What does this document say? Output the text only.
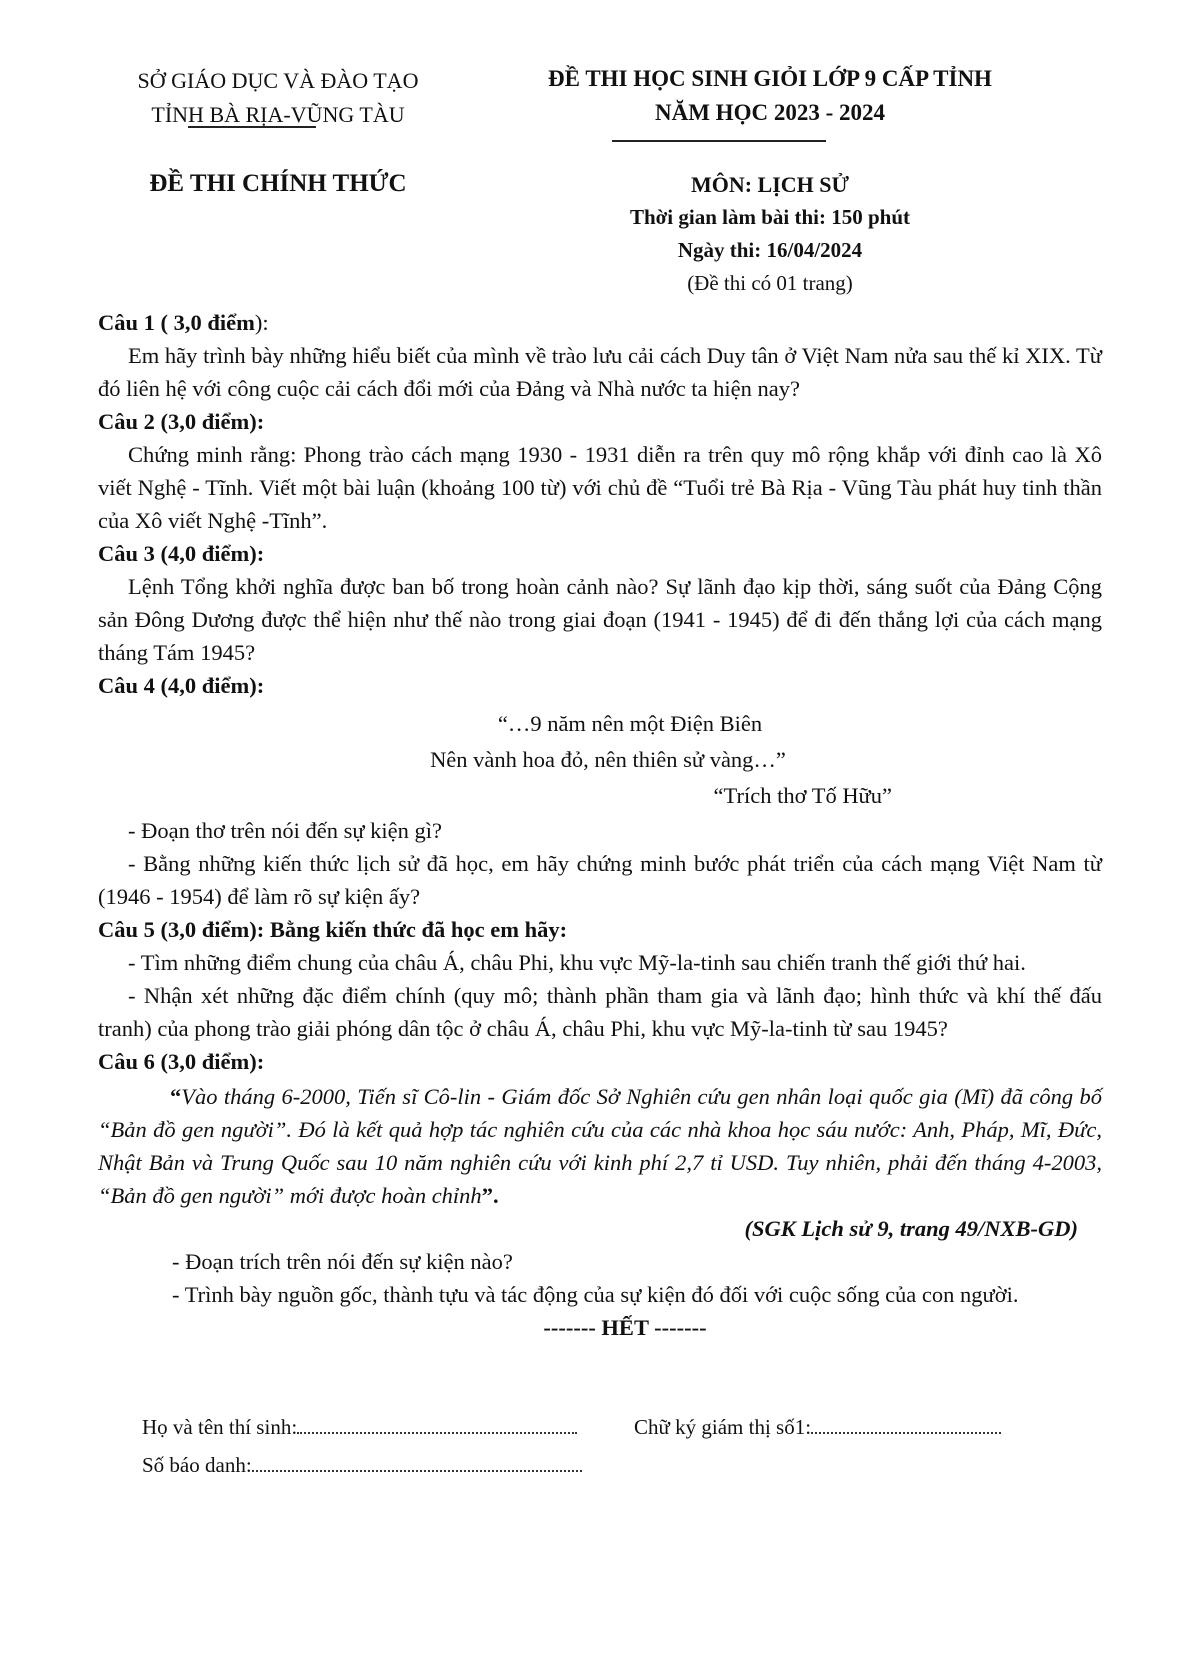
SỞ GIÁO DỤC VÀ ĐÀO TẠO
TỈNH BÀ RỊA-VŨNG TÀU
ĐỀ THI HỌC SINH GIỎI LỚP 9 CẤP TỈNH
NĂM HỌC 2023 - 2024
ĐỀ THI CHÍNH THỨC	MÔN: LỊCH SỬ
Thời gian làm bài thi: 150 phút
Ngày thi: 16/04/2024
(Đề thi có 01 trang)

Câu 1 ( 3,0 điểm):

Em hãy trình bày những hiểu biết của mình về trào lưu cải cách Duy tân ở Việt Nam nửa sau thế kỉ XIX. Từ đó liên hệ với công cuộc cải cách đổi mới của Đảng và Nhà nước ta hiện nay?

Câu 2 (3,0 điểm):

Chứng minh rằng: Phong trào cách mạng 1930 - 1931 diễn ra trên quy mô rộng khắp với đỉnh cao là Xô viết Nghệ - Tĩnh. Viết một bài luận (khoảng 100 từ) với chủ đề “Tuổi trẻ Bà Rịa - Vũng Tàu phát huy tinh thần của Xô viết Nghệ -Tĩnh”.

Câu 3 (4,0 điểm):

Lệnh Tổng khởi nghĩa được ban bố trong hoàn cảnh nào? Sự lãnh đạo kịp thời, sáng suốt của Đảng Cộng sản Đông Dương được thể hiện như thế nào trong giai đoạn (1941 - 1945) để đi đến thắng lợi của cách mạng tháng Tám 1945?

Câu 4 (4,0 điểm):

“…9 năm nên một Điện Biên

Nên vành hoa đỏ, nên thiên sử vàng…”

“Trích thơ Tố Hữu”

- Đoạn thơ trên nói đến sự kiện gì?

- Bằng những kiến thức lịch sử đã học, em hãy chứng minh bước phát triển của cách mạng Việt Nam từ (1946 - 1954) để làm rõ sự kiện ấy?

Câu 5 (3,0 điểm): Bằng kiến thức đã học em hãy:

- Tìm những điểm chung của châu Á, châu Phi, khu vực Mỹ-la-tinh sau chiến tranh thế giới thứ hai.

- Nhận xét những đặc điểm chính (quy mô; thành phần tham gia và lãnh đạo; hình thức và khí thế đấu tranh) của phong trào giải phóng dân tộc ở châu Á, châu Phi, khu vực Mỹ-la-tinh từ sau 1945?

Câu 6 (3,0 điểm):

“Vào tháng 6-2000, Tiến sĩ Cô-lin - Giám đốc Sở Nghiên cứu gen nhân loại quốc gia (Mĩ) đã công bố “Bản đồ gen người”. Đó là kết quả hợp tác nghiên cứu của các nhà khoa học sáu nước: Anh, Pháp, Mĩ, Đức, Nhật Bản và Trung Quốc sau 10 năm nghiên cứu với kinh phí 2,7 tỉ USD. Tuy nhiên, phải đến tháng 4-2003, “Bản đồ gen người” mới được hoàn chỉnh”.

(SGK Lịch sử 9, trang 49/NXB-GD)

- Đoạn trích trên nói đến sự kiện nào?

- Trình bày nguồn gốc, thành tựu và tác động của sự kiện đó đối với cuộc sống của con người.

------- HẾT -------

Họ và tên thí sinh:	Chữ ký giám thị số1:
Số báo danh:
